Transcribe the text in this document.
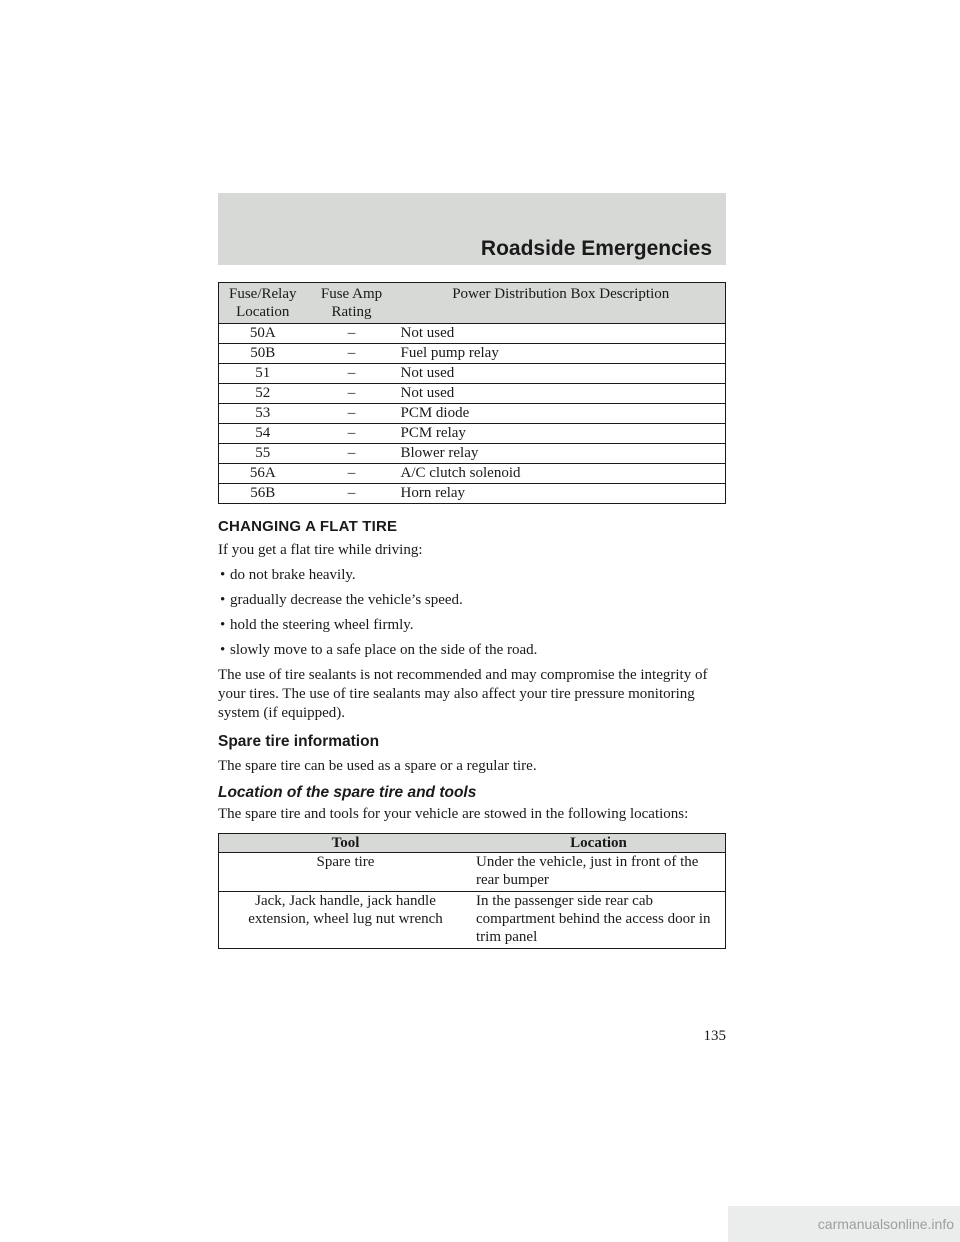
Roadside Emergencies
Fuse/Relay Location	Fuse Amp Rating	Power Distribution Box Description
50A	–	Not used
50B	–	Fuel pump relay
51	–	Not used
52	–	Not used
53	–	PCM diode
54	–	PCM relay
55	–	Blower relay
56A	–	A/C clutch solenoid
56B	–	Horn relay
CHANGING A FLAT TIRE

If you get a flat tire while driving:

• do not brake heavily.
• gradually decrease the vehicle’s speed.
• hold the steering wheel firmly.
• slowly move to a safe place on the side of the road.

The use of tire sealants is not recommended and may compromise the integrity of your tires. The use of tire sealants may also affect your tire pressure monitoring system (if equipped).

Spare tire information

The spare tire can be used as a spare or a regular tire.

Location of the spare tire and tools

The spare tire and tools for your vehicle are stowed in the following locations:

Tool	Location
Spare tire	Under the vehicle, just in front of the rear bumper
Jack, Jack handle, jack handle extension, wheel lug nut wrench	In the passenger side rear cab compartment behind the access door in trim panel
135
carmanualsonline.info
